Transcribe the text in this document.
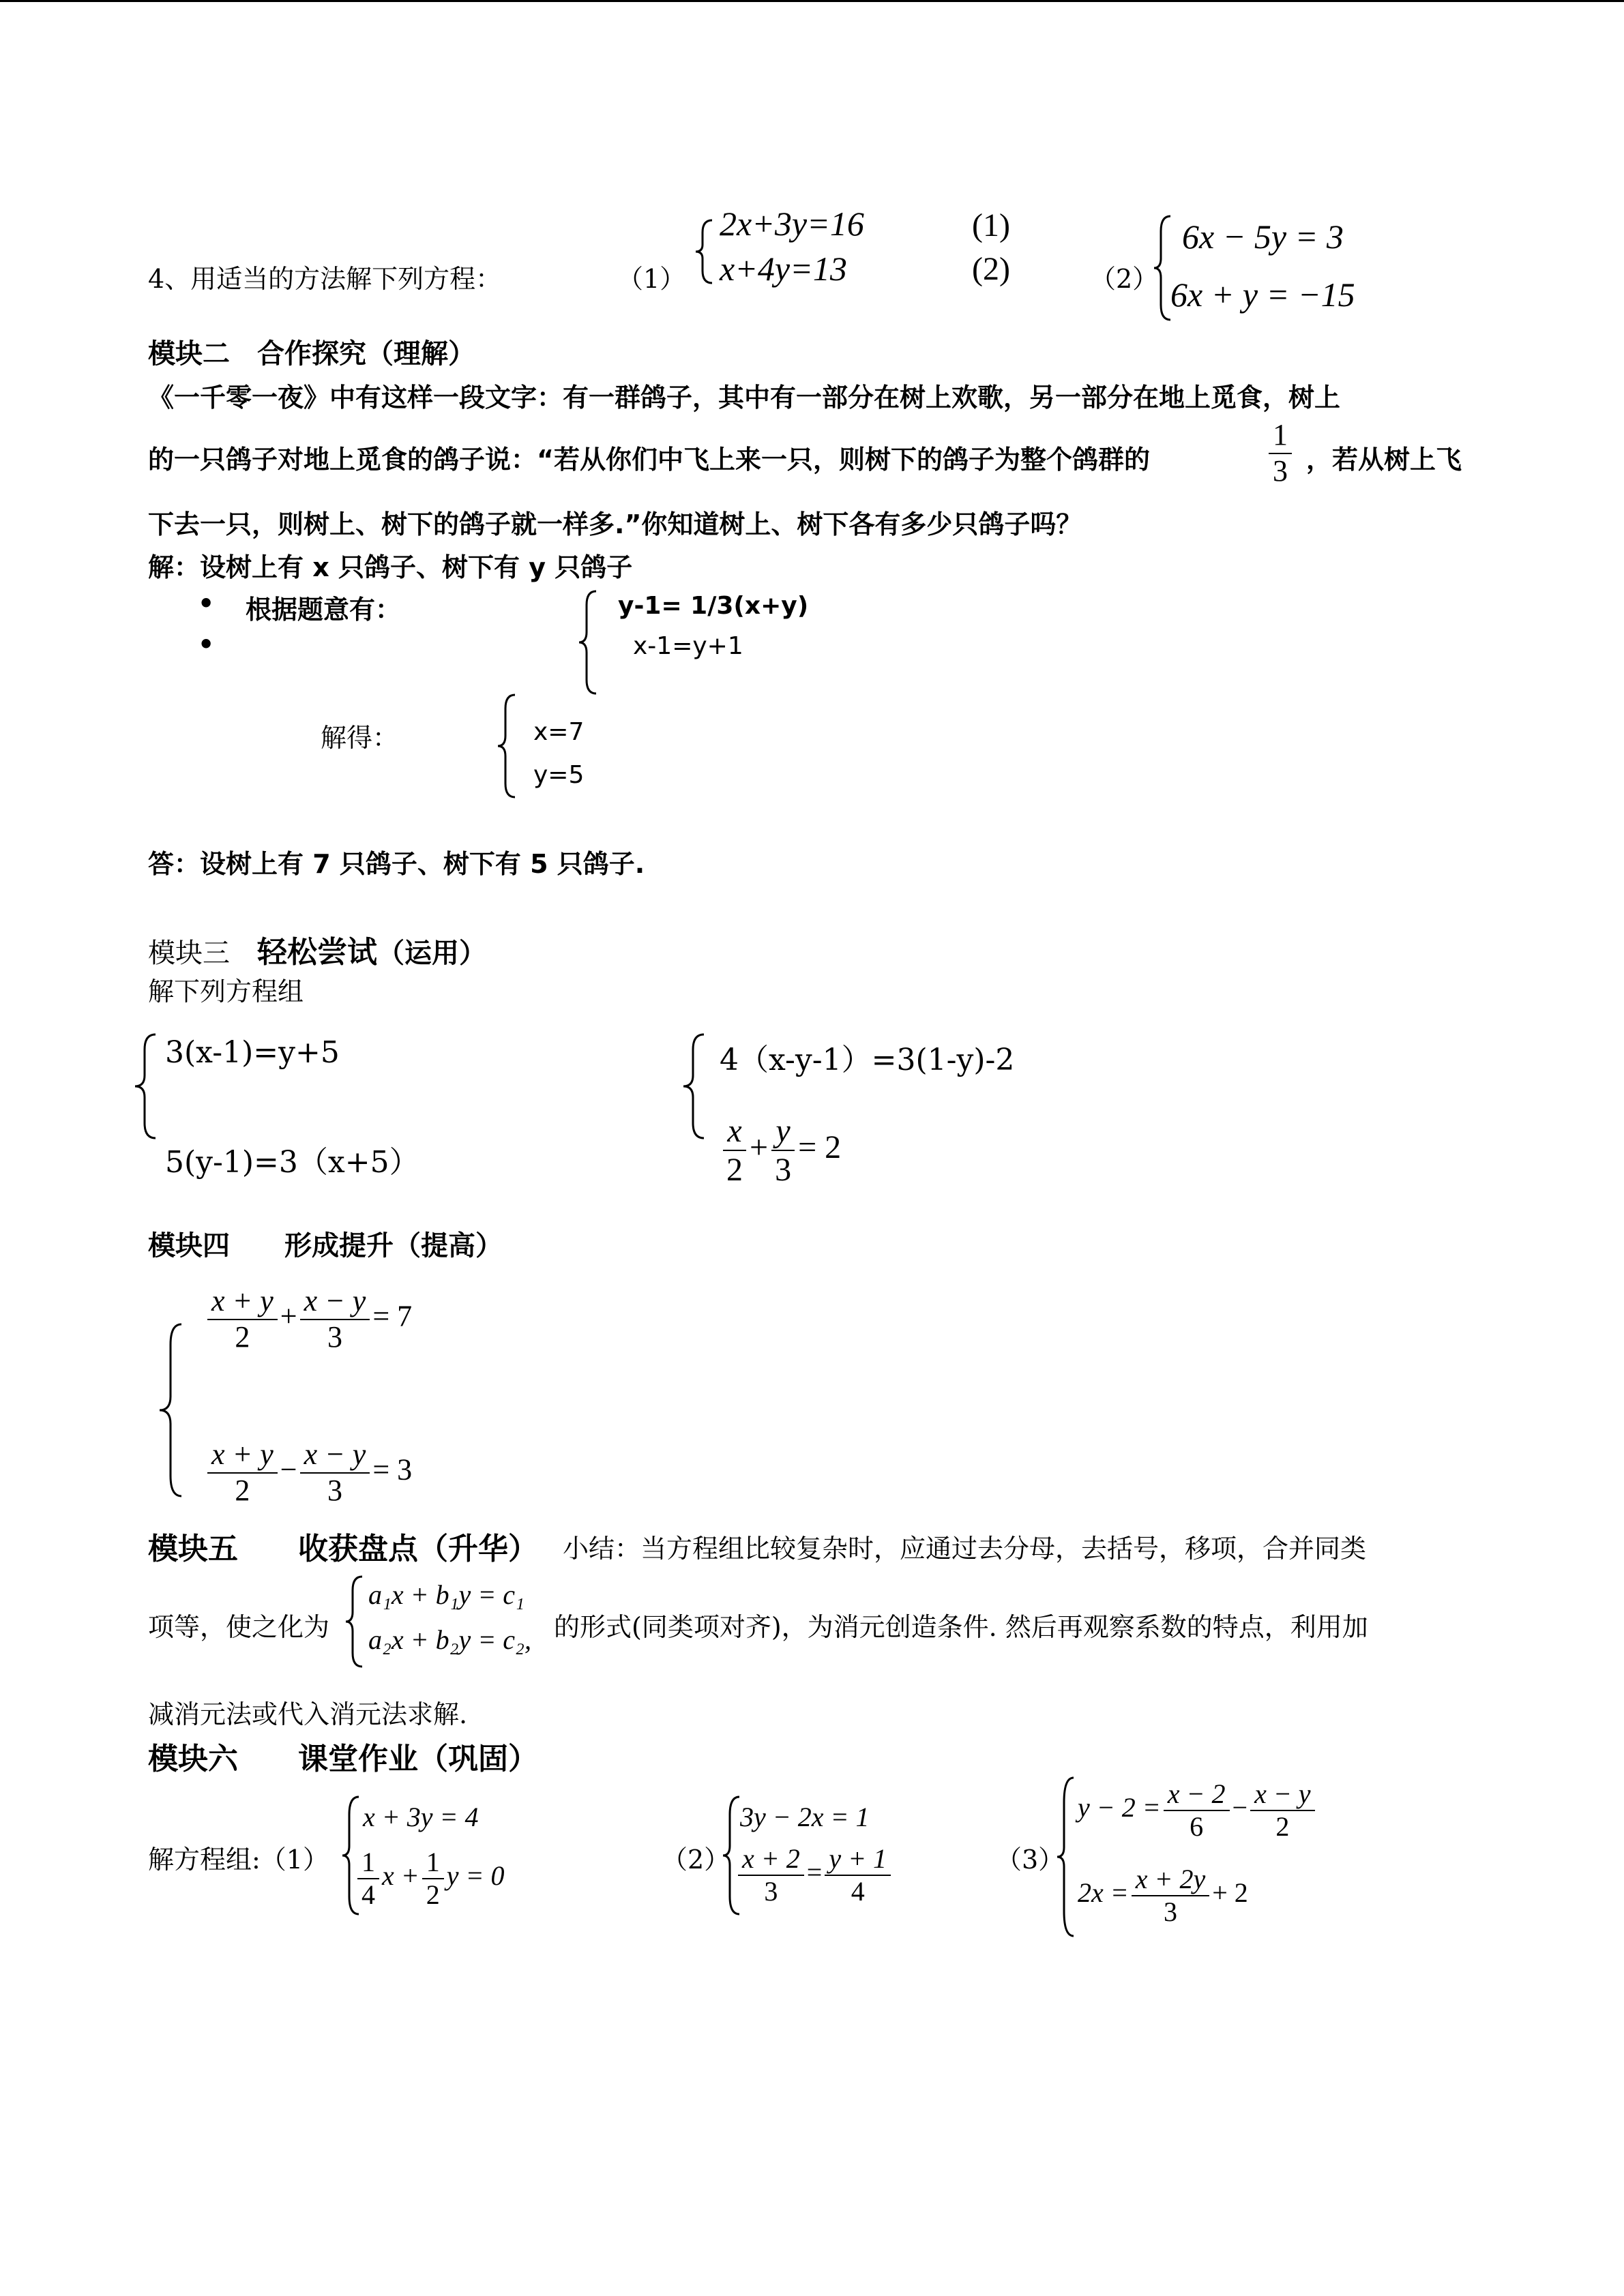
4、用适当的方法解下列方程：	（1）
2x+3y=16	(1)
x+4y=13	(2)	（2）
6x − 5y = 3
6x + y = −15
模块二　合作探究（理解）
《一千零一夜》中有这样一段文字：有一群鸽子，其中有一部分在树上欢歌，另一部分在地上觅食，树上
的一只鸽子对地上觅食的鸽子说：“若从你们中飞上来一只，则树下的鸽子为整个鸽群的	$\frac{1}{3}$ ，若从树上飞
下去一只，则树上、树下的鸽子就一样多.”你知道树上、树下各有多少只鸽子吗？
解：设树上有 x 只鸽子、树下有 y 只鸽子
• 根据题意有：
•
y-1= 1/3(x+y)
x-1=y+1
解得：	x=7
y=5
答：设树上有 7 只鸽子、树下有 5 只鸽子.
模块三 轻松尝试（运用）
解下列方程组
3(x-1)=y+5
5(y-1)=3（x+5）
4（x-y-1）=3(1-y)-2
$\frac{x}{2} + \frac{y}{3} = 2$
模块四　　形成提升（提高）
$\frac{x + y}{2} + \frac{x - y}{3} = 7$
$\frac{x + y}{2} - \frac{x - y}{3} = 3$
模块五　　收获盘点（升华） 小结：当方程组比较复杂时，应通过去分母，去括号，移项，合并同类
项等，使之化为
a₁x + b₁y = c₁
a₂x + b₂y = c₂, 的形式(同类项对齐)，为消元创造条件. 然后再观察系数的特点，利用加
减消元法或代入消元法求解.
模块六　　课堂作业（巩固）
解方程组:（1）
x + 3y = 4
$\frac{1}{4}$ $x + \frac{1}{2}$ y = 0
（2）
3y − 2x = 1
$\frac{x + 2}{3} = \frac{y + 1}{4}$	（3）
$y - 2 = \frac{x - 2}{6} - \frac{x - y}{2}$
$2x = \frac{x + 2y}{3} + 2$
